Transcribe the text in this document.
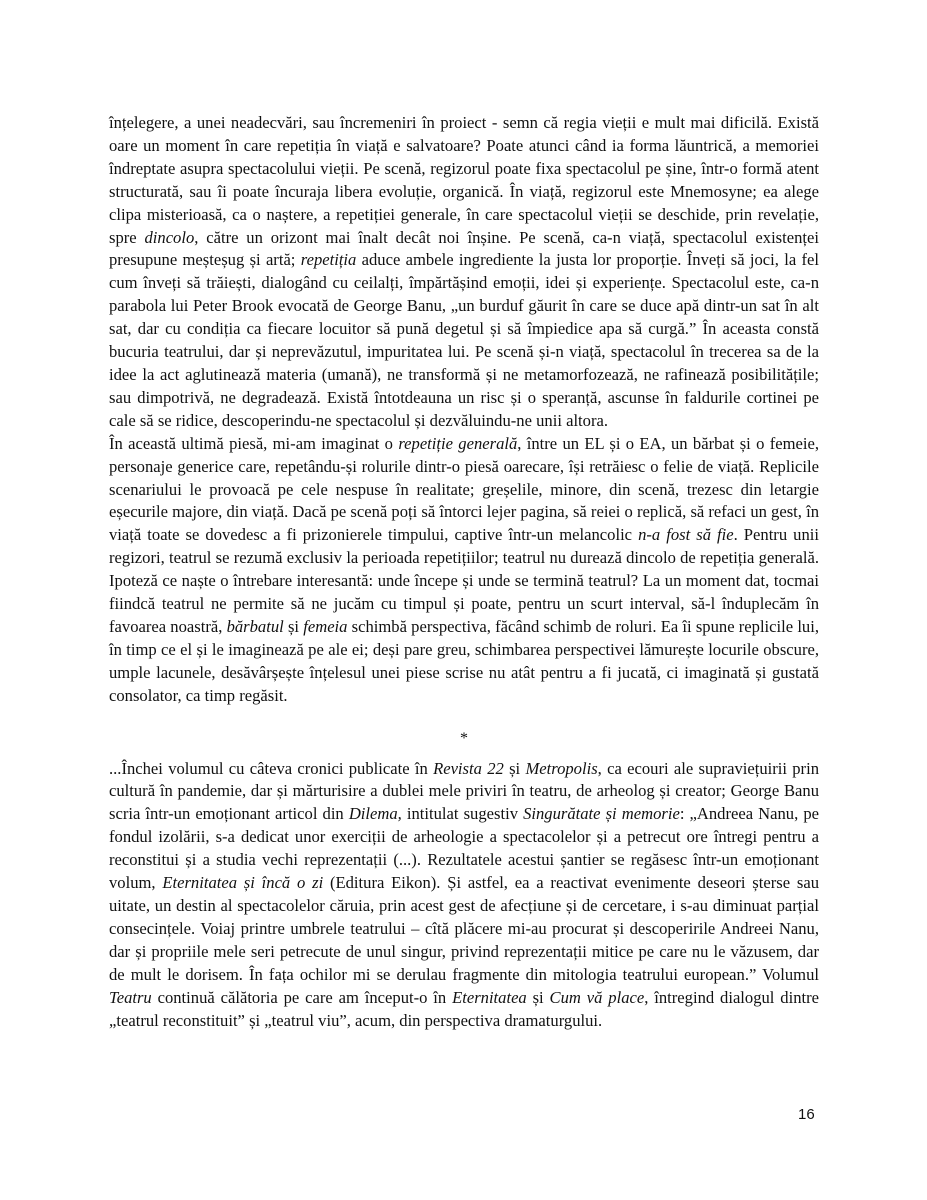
înțelegere, a unei neadecvări, sau încremeniri în proiect - semn că regia vieții e mult mai dificilă. Există oare un moment în care repetiția în viață e salvatoare? Poate atunci când ia forma lăuntrică, a memoriei îndreptate asupra spectacolului vieții. Pe scenă, regizorul poate fixa spectacolul pe șine, într-o formă atent structurată, sau îi poate încuraja libera evoluție, organică. În viață, regizorul este Mnemosyne; ea alege clipa misterioasă, ca o naștere, a repetiției generale, în care spectacolul vieții se deschide, prin revelație, spre dincolo, către un orizont mai înalt decât noi înșine. Pe scenă, ca-n viață, spectacolul existenței presupune meșteșug și artă; repetiția aduce ambele ingrediente la justa lor proporție. Înveți să joci, la fel cum înveți să trăiești, dialogând cu ceilalți, împărtășind emoții, idei și experiențe. Spectacolul este, ca-n parabola lui Peter Brook evocată de George Banu, „un burduf găurit în care se duce apă dintr-un sat în alt sat, dar cu condiția ca fiecare locuitor să pună degetul și să împiedice apa să curgă.” În aceasta constă bucuria teatrului, dar și neprevăzutul, impuritatea lui. Pe scenă și-n viață, spectacolul în trecerea sa de la idee la act aglutinează materia (umană), ne transformă și ne metamorfozează, ne rafinează posibilitățile; sau dimpotrivă, ne degradează. Există întotdeauna un risc și o speranță, ascunse în faldurile cortinei pe cale să se ridice, descoperindu-ne spectacolul și dezvăluindu-ne unii altora.

În această ultimă piesă, mi-am imaginat o repetiție generală, între un EL și o EA, un bărbat și o femeie, personaje generice care, repetându-și rolurile dintr-o piesă oarecare, își retrăiesc o felie de viață. Replicile scenariului le provoacă pe cele nespuse în realitate; greșelile, minore, din scenă, trezesc din letargie eșecurile majore, din viață. Dacă pe scenă poți să întorci lejer pagina, să reiei o replică, să refaci un gest, în viață toate se dovedesc a fi prizonierele timpului, captive într-un melancolic n-a fost să fie. Pentru unii regizori, teatrul se rezumă exclusiv la perioada repetițiilor; teatrul nu durează dincolo de repetiția generală. Ipoteză ce naște o întrebare interesantă: unde începe și unde se termină teatrul? La un moment dat, tocmai fiindcă teatrul ne permite să ne jucăm cu timpul și poate, pentru un scurt interval, să-l înduplecăm în favoarea noastră, bărbatul și femeia schimbă perspectiva, făcând schimb de roluri. Ea îi spune replicile lui, în timp ce el și le imaginează pe ale ei; deși pare greu, schimbarea perspectivei lămurește locurile obscure, umple lacunele, desăvârșește înțelesul unei piese scrise nu atât pentru a fi jucată, ci imaginată și gustată consolator, ca timp regăsit.

*

...Închei volumul cu câteva cronici publicate în Revista 22 și Metropolis, ca ecouri ale supraviețuirii prin cultură în pandemie, dar și mărturisire a dublei mele priviri în teatru, de arheolog și creator; George Banu scria într-un emoționant articol din Dilema, intitulat sugestiv Singurătate și memorie: „Andreea Nanu, pe fondul izolării, s-a dedicat unor exerciții de arheologie a spectacolelor și a petrecut ore întregi pentru a reconstitui și a studia vechi reprezentații (...). Rezultatele acestui șantier se regăsesc într-un emoționant volum, Eternitatea și încă o zi (Editura Eikon). Și astfel, ea a reactivat evenimente deseori șterse sau uitate, un destin al spectacolelor căruia, prin acest gest de afecțiune și de cercetare, i s-au diminuat parțial consecințele. Voiaj printre umbrele teatrului – cîtă plăcere mi-au procurat și descoperirile Andreei Nanu, dar și propriile mele seri petrecute de unul singur, privind reprezentații mitice pe care nu le văzusem, dar de mult le dorisem. În fața ochilor mi se derulau fragmente din mitologia teatrului european.” Volumul Teatru continuă călătoria pe care am început-o în Eternitatea și Cum vă place, întregind dialogul dintre „teatrul reconstituit” și „teatrul viu”, acum, din perspectiva dramaturgului.

16
